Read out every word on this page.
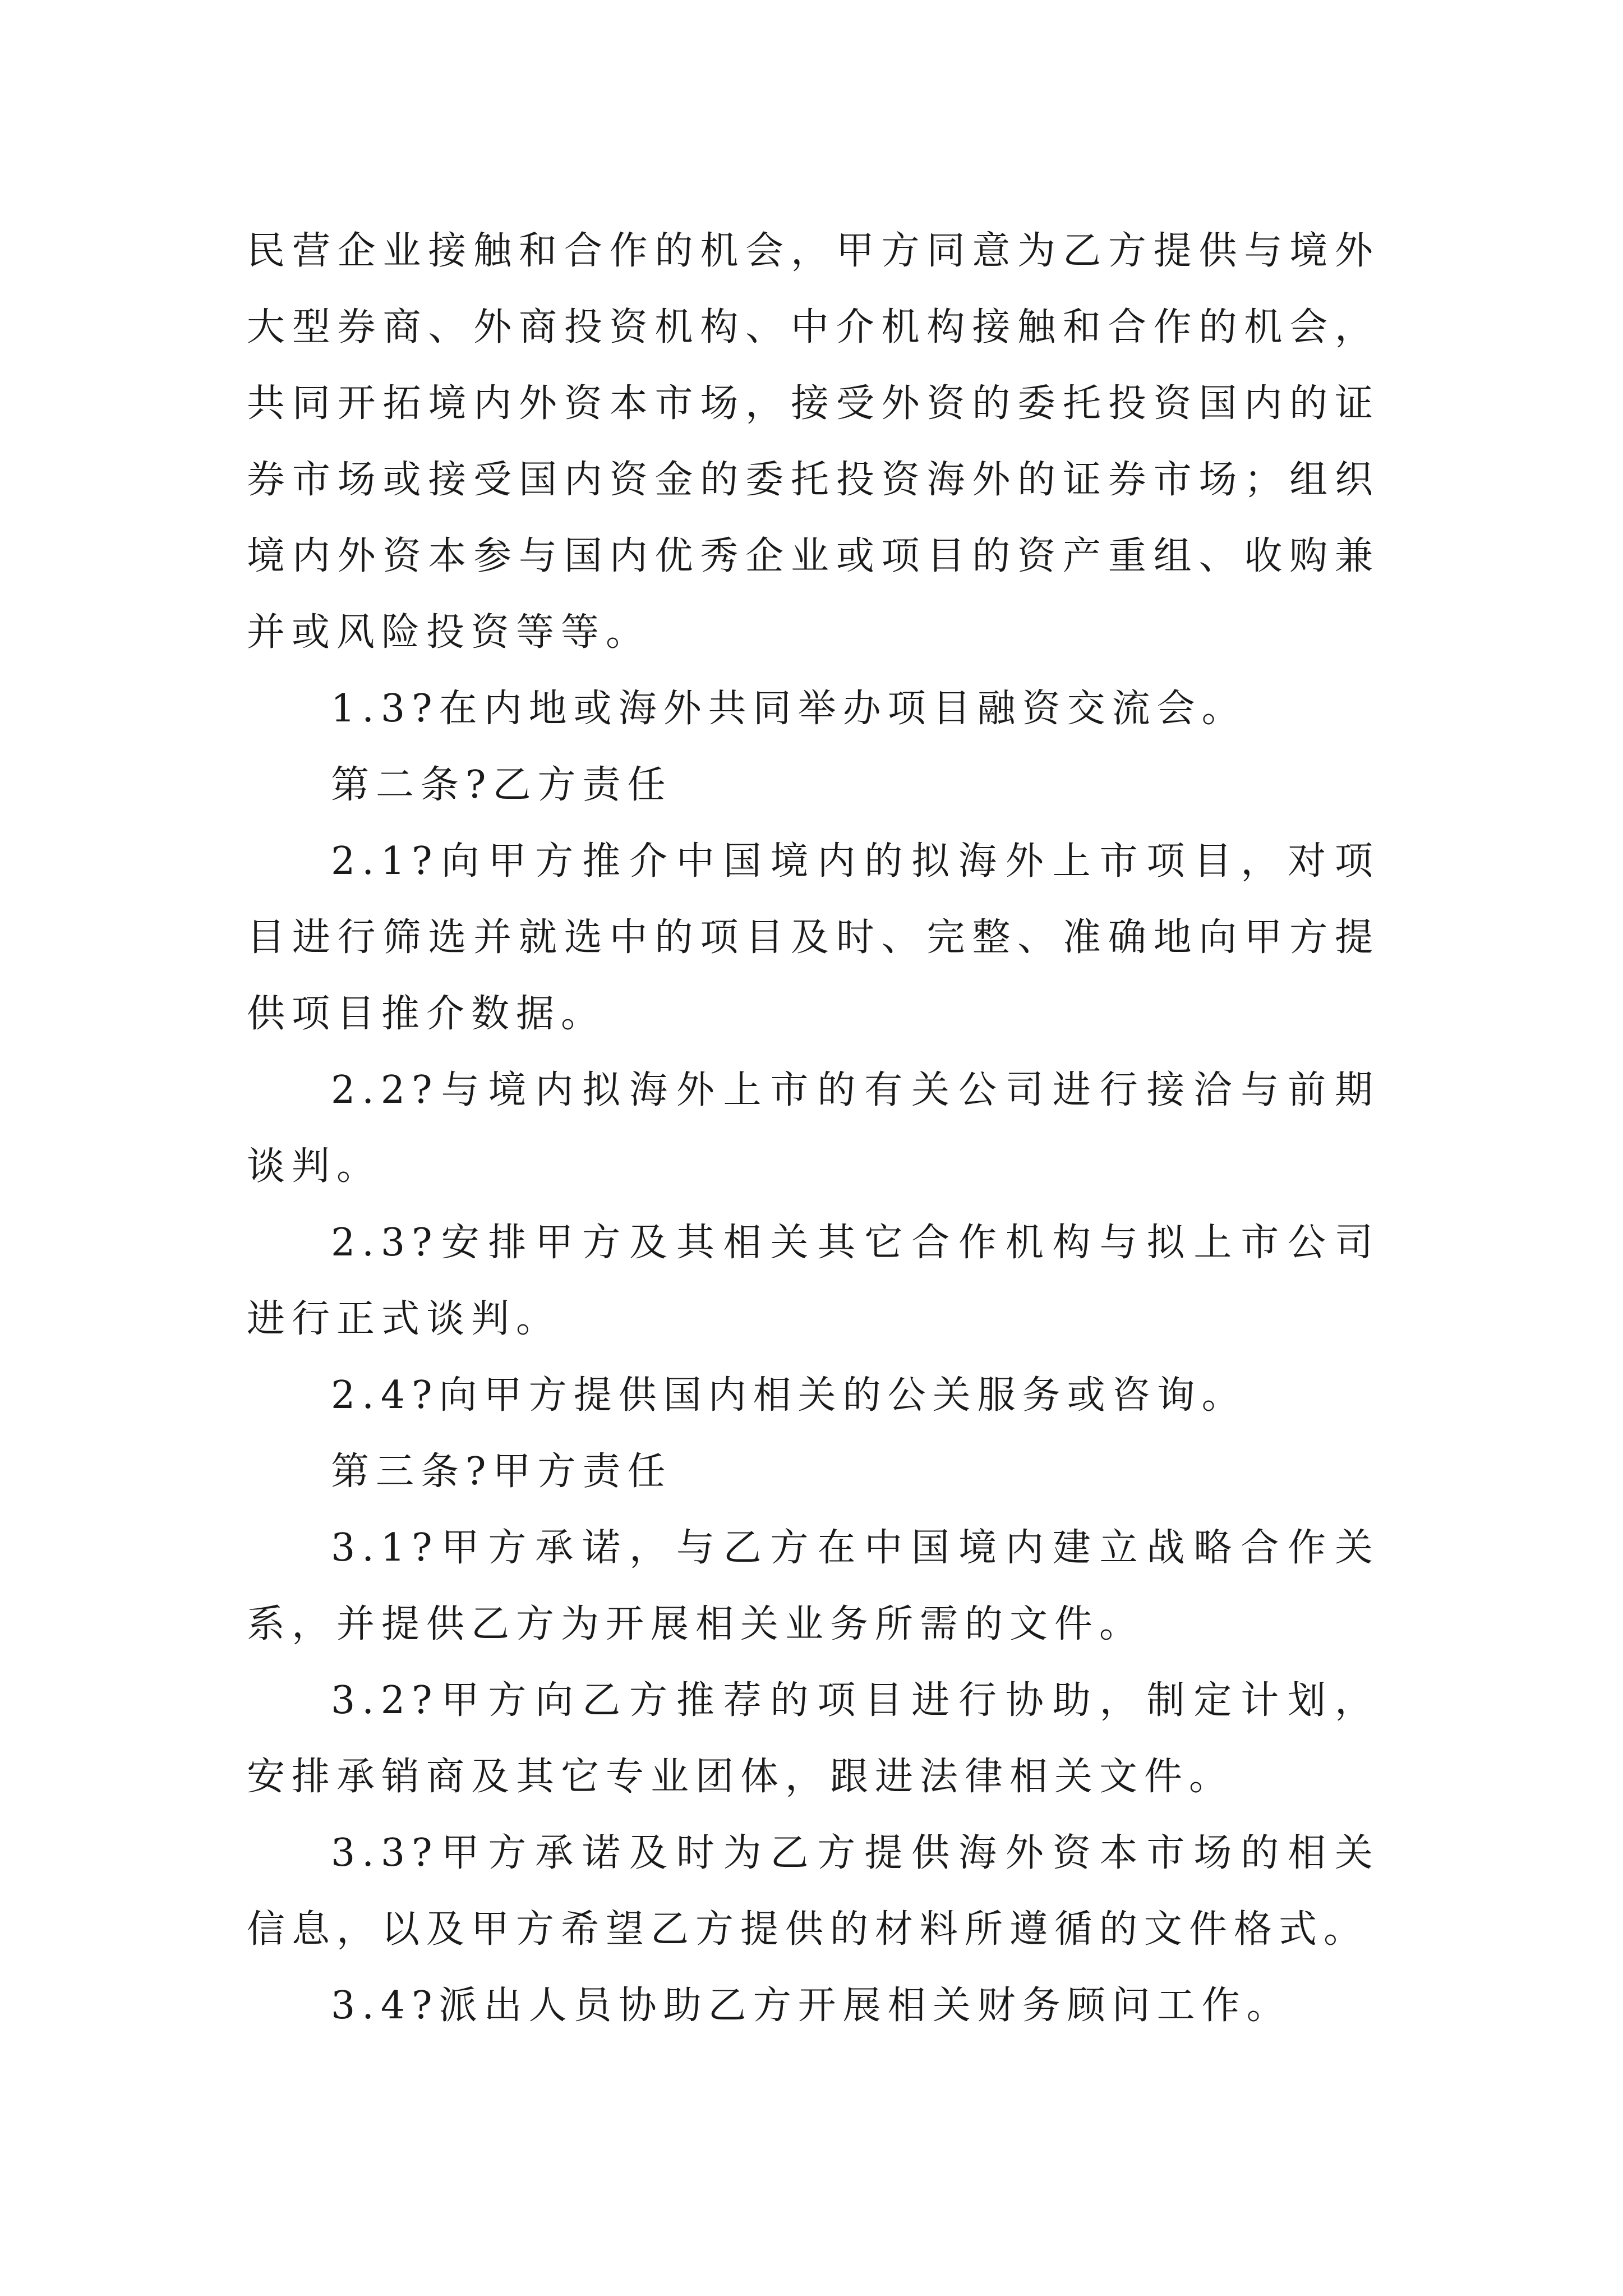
民营企业接触和合作的机会，甲方同意为乙方提供与境外大型券商、外商投资机构、中介机构接触和合作的机会，共同开拓境内外资本市场，接受外资的委托投资国内的证券市场或接受国内资金的委托投资海外的证券市场；组织境内外资本参与国内优秀企业或项目的资产重组、收购兼并或风险投资等等。

1.3?在内地或海外共同举办项目融资交流会。

第二条?乙方责任

2.1?向甲方推介中国境内的拟海外上市项目，对项目进行筛选并就选中的项目及时、完整、准确地向甲方提供项目推介数据。

2.2?与境内拟海外上市的有关公司进行接洽与前期谈判。

2.3?安排甲方及其相关其它合作机构与拟上市公司进行正式谈判。

2.4?向甲方提供国内相关的公关服务或咨询。

第三条?甲方责任

3.1?甲方承诺，与乙方在中国境内建立战略合作关系，并提供乙方为开展相关业务所需的文件。

3.2?甲方向乙方推荐的项目进行协助，制定计划，安排承销商及其它专业团体，跟进法律相关文件。

3.3?甲方承诺及时为乙方提供海外资本市场的相关信息，以及甲方希望乙方提供的材料所遵循的文件格式。

3.4?派出人员协助乙方开展相关财务顾问工作。
